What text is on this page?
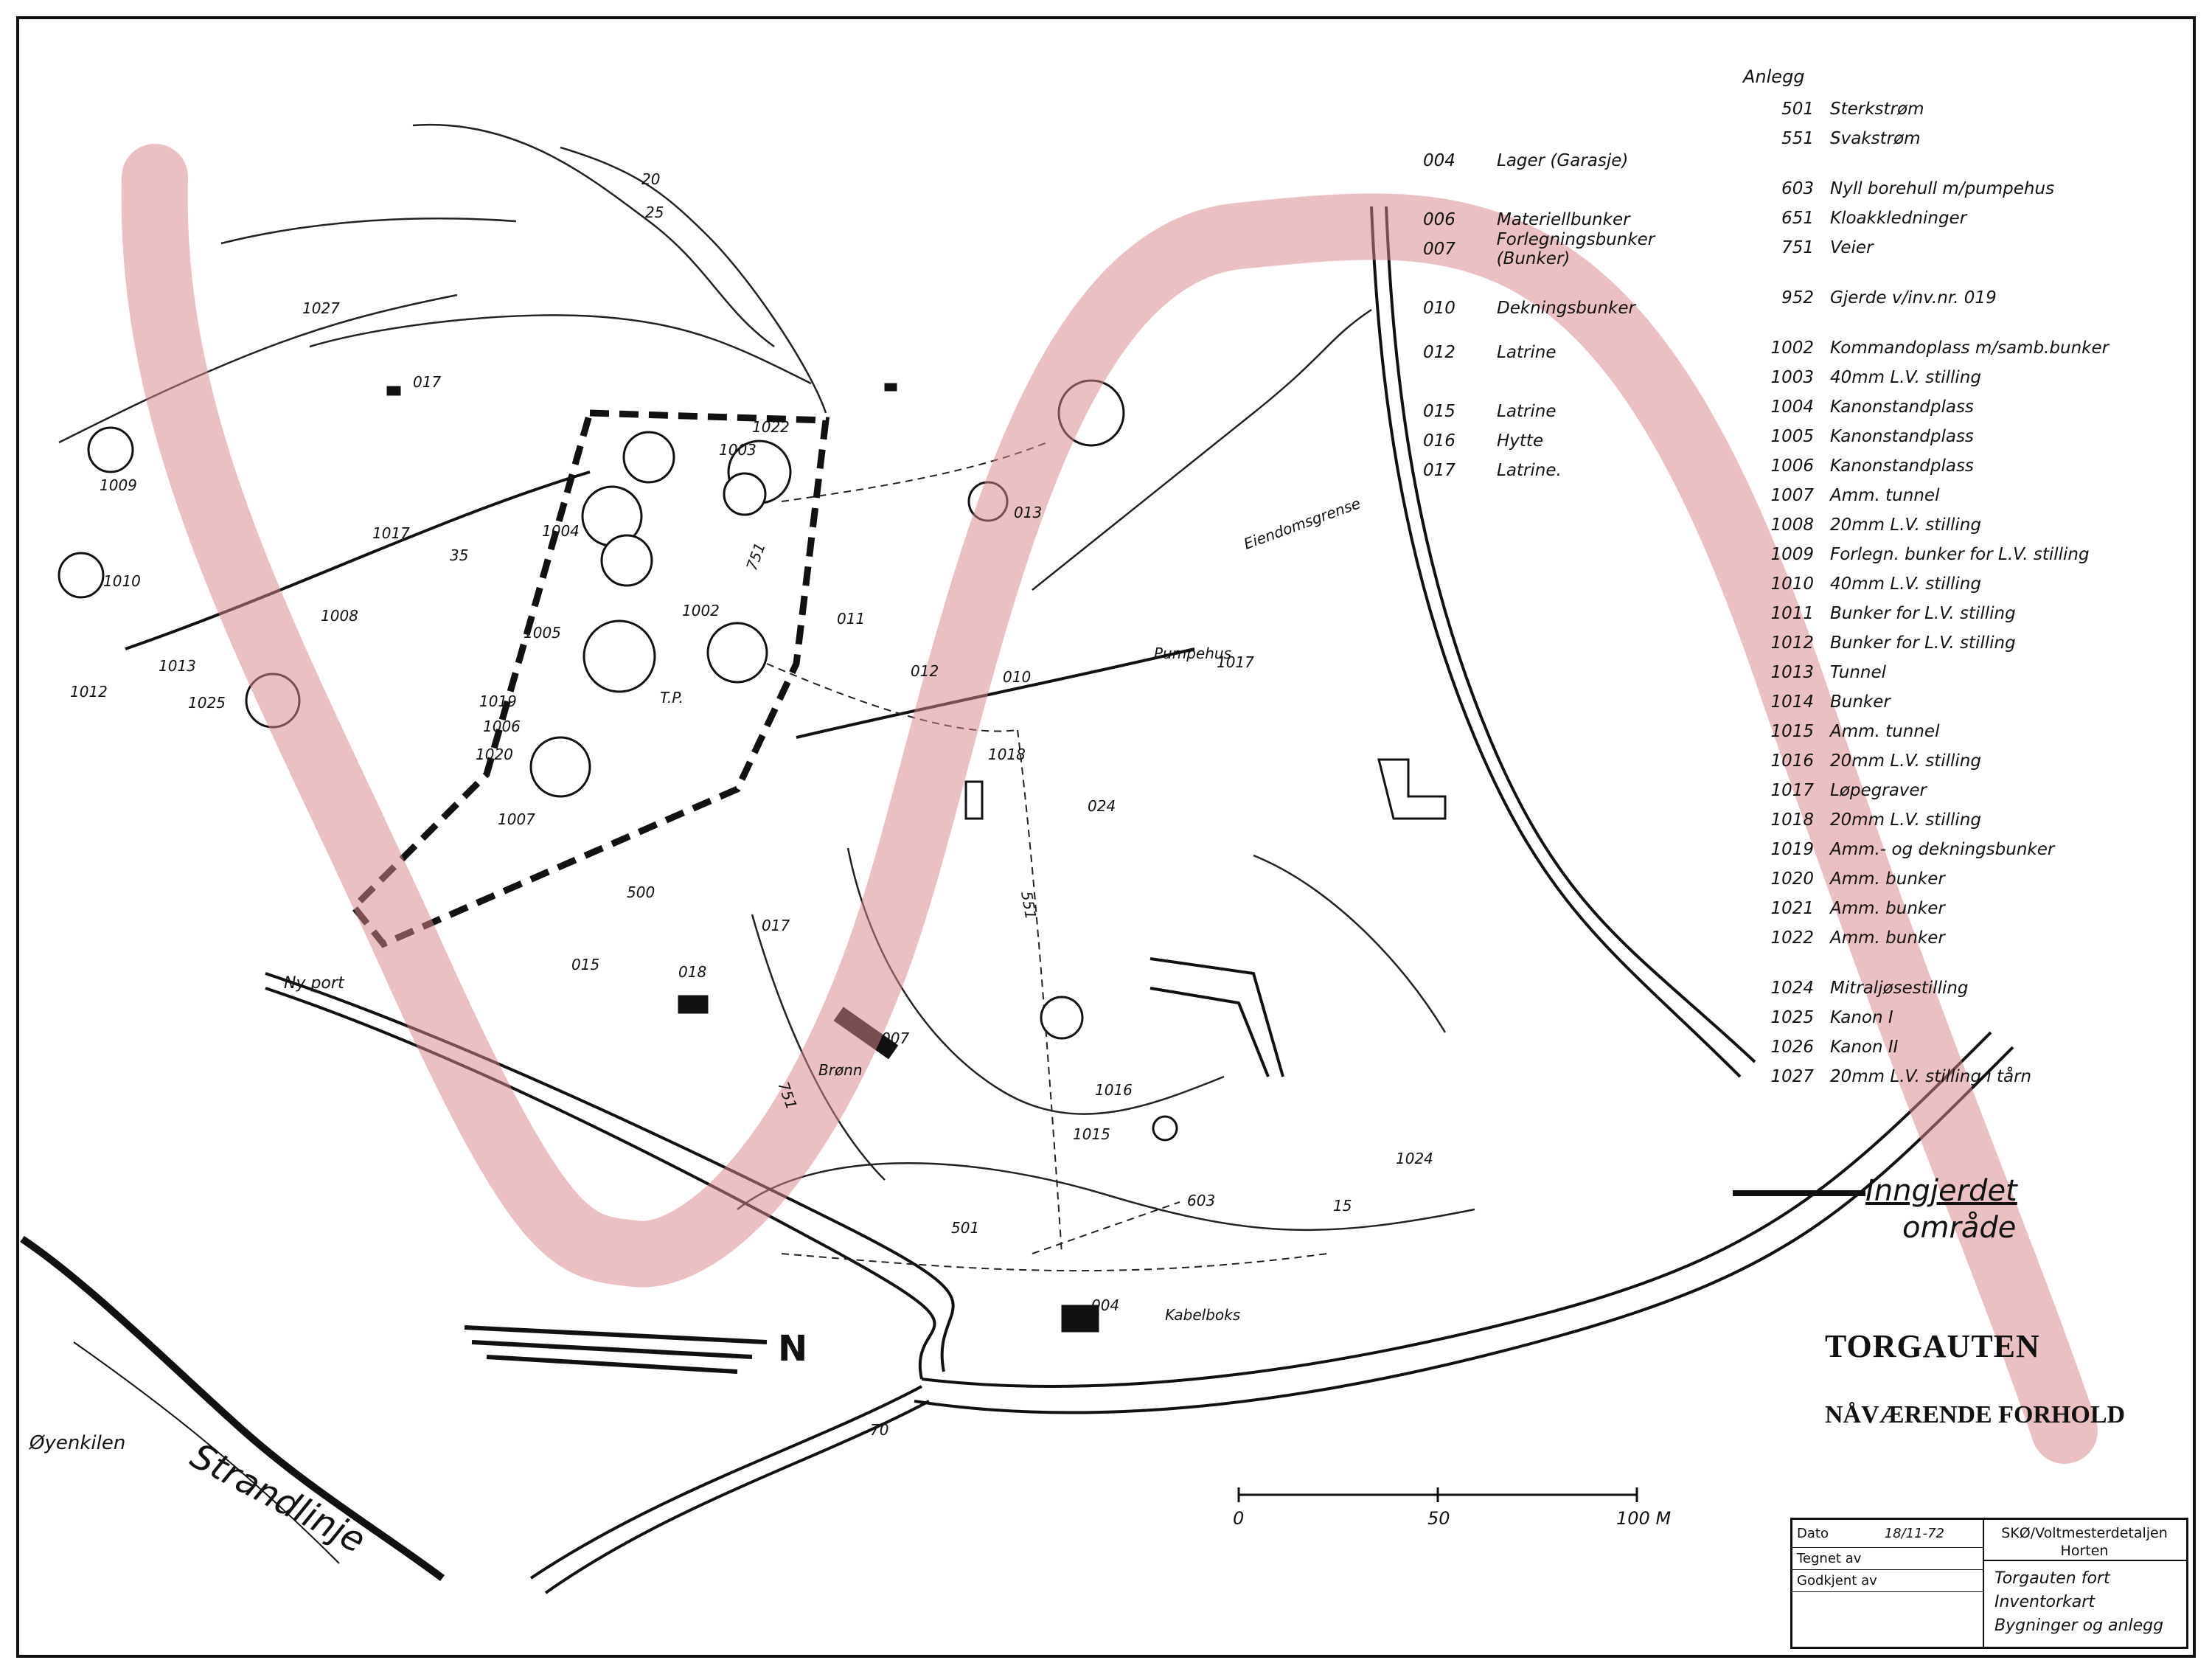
1027
017
1009
1010
1008
1013
1012
1025
1017
1017
1004
1003
1022
1005
1002
1019
1006
1020
1007
011
012	010
1018
013
024
500
017
015	018
007
1016
1015
1024
603
004
751
751
551
501
20
25
15
70
35
T.P.
Brønn
Kabelboks
Pumpehus
Eiendomsgrense
Ny port
Øyenkilen Strandlinje
N
004	Lager (Garasje)
006	Materiellbunker
007	Forlegningsbunker (Bunker)
010	Dekningsbunker
012	Latrine
015	Latrine
016	Hytte
017	Latrine.
Anlegg
501 Sterkstrøm
551 Svakstrøm
603 Nyll borehull m/pumpehus
651 Kloakkledninger
751 Veier
952 Gjerde v/inv.nr. 019
1002 Kommandoplass m/samb.bunker
1003 40mm L.V. stilling
1004 Kanonstandplass
1005 Kanonstandplass
1006 Kanonstandplass
1007 Amm. tunnel
1008 20mm L.V. stilling
1009 Forlegn. bunker for L.V. stilling
1010 40mm L.V. stilling
1011 Bunker for L.V. stilling
1012 Bunker for L.V. stilling
1013 Tunnel
1014 Bunker
1015 Amm. tunnel
1016 20mm L.V. stilling
1017 Løpegraver
1018 20mm L.V. stilling
1019 Amm.- og dekningsbunker
1020 Amm. bunker
1021 Amm. bunker
1022 Amm. bunker
1024 Mitraljøsestilling
1025 Kanon I
1026 Kanon II
1027 20mm L.V. stilling i tårn
Inngjerdet
område
TORGAUTEN
NÅVÆRENDE FORHOLD
0	50	100 M
Dato	18/11-72
Tegnet av
Godkjent av
SKØ/Voltmesterdetaljen
Horten
Torgauten fort
Inventorkart
Bygninger og anlegg
